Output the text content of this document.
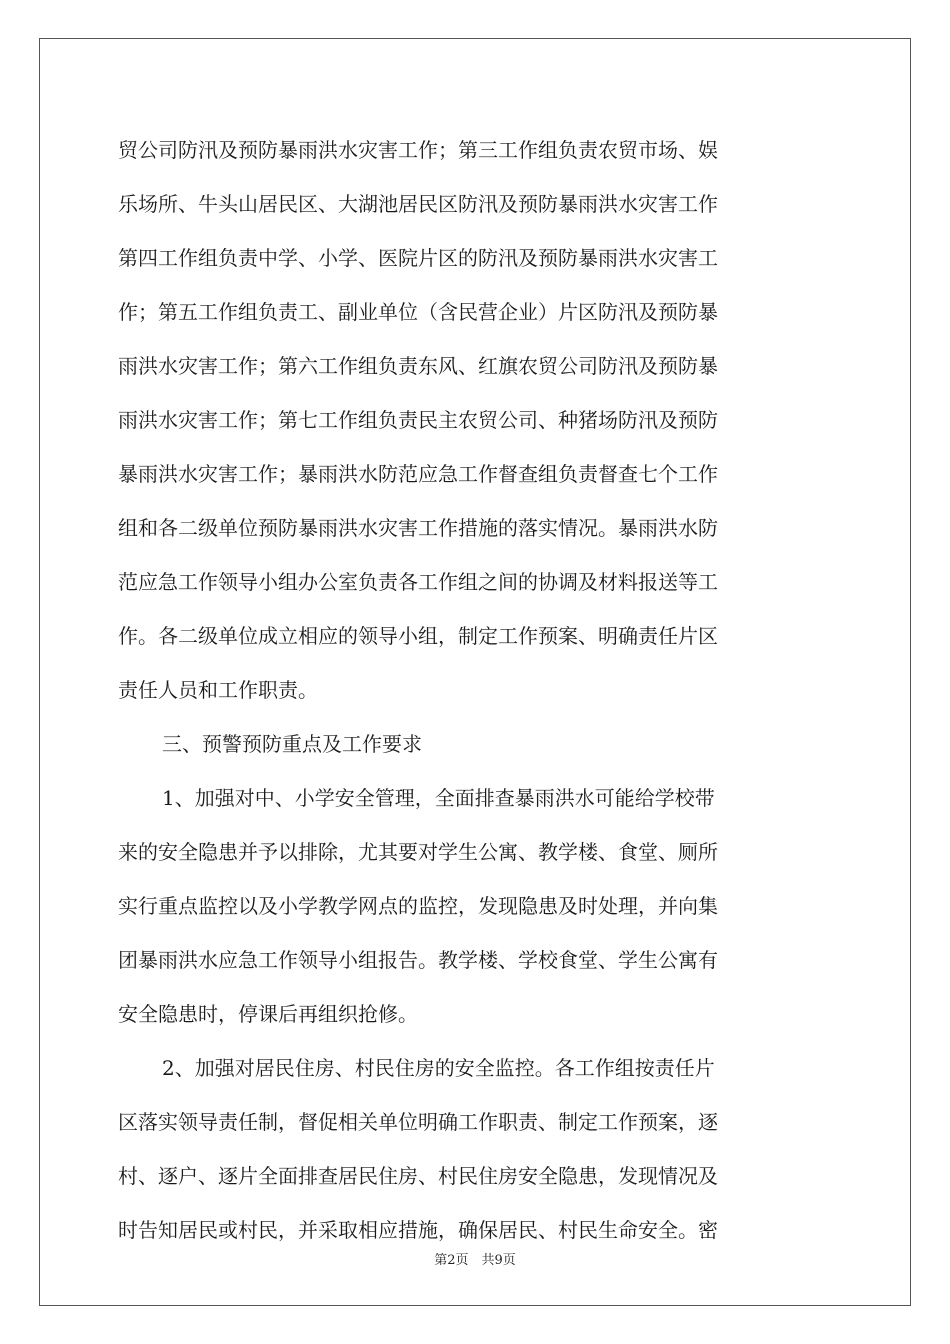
贸公司防汛及预防暴雨洪水灾害工作；第三工作组负责农贸市场、娱
乐场所、牛头山居民区、大湖池居民区防汛及预防暴雨洪水灾害工作
第四工作组负责中学、小学、医院片区的防汛及预防暴雨洪水灾害工
作；第五工作组负责工、副业单位（含民营企业）片区防汛及预防暴
雨洪水灾害工作；第六工作组负责东风、红旗农贸公司防汛及预防暴
雨洪水灾害工作；第七工作组负责民主农贸公司、种猪场防汛及预防
暴雨洪水灾害工作；暴雨洪水防范应急工作督查组负责督查七个工作
组和各二级单位预防暴雨洪水灾害工作措施的落实情况。暴雨洪水防
范应急工作领导小组办公室负责各工作组之间的协调及材料报送等工
作。各二级单位成立相应的领导小组，制定工作预案、明确责任片区
责任人员和工作职责。
三、预警预防重点及工作要求
1、加强对中、小学安全管理，全面排查暴雨洪水可能给学校带
来的安全隐患并予以排除，尤其要对学生公寓、教学楼、食堂、厕所
实行重点监控以及小学教学网点的监控，发现隐患及时处理，并向集
团暴雨洪水应急工作领导小组报告。教学楼、学校食堂、学生公寓有
安全隐患时，停课后再组织抢修。
2、加强对居民住房、村民住房的安全监控。各工作组按责任片
区落实领导责任制，督促相关单位明确工作职责、制定工作预案，逐
村、逐户、逐片全面排查居民住房、村民住房安全隐患，发现情况及
时告知居民或村民，并采取相应措施，确保居民、村民生命安全。密
第2页　共9页
